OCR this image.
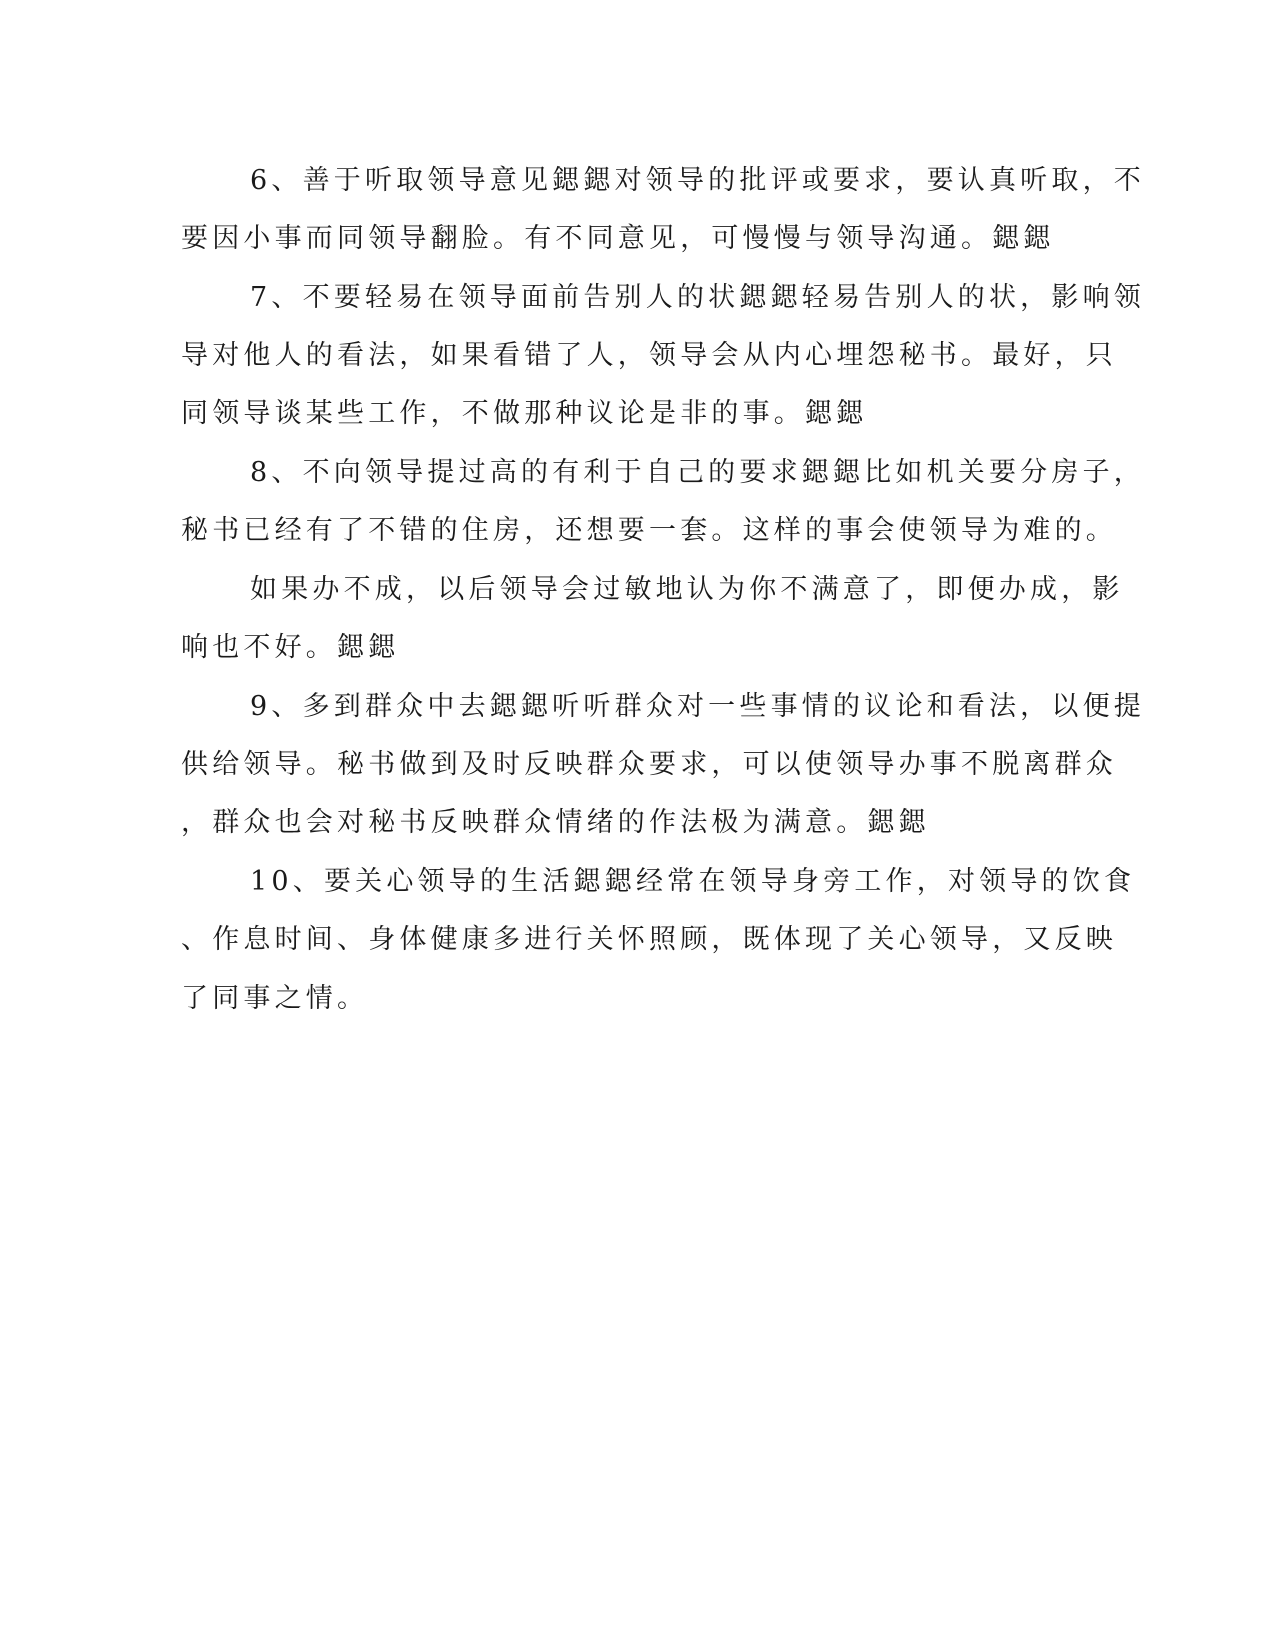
6、善于听取领导意见鍶鍶对领导的批评或要求，要认真听取，不
要因小事而同领导翻脸。有不同意见，可慢慢与领导沟通。鍶鍶
7、不要轻易在领导面前告别人的状鍶鍶轻易告别人的状，影响领
导对他人的看法，如果看错了人，领导会从内心埋怨秘书。最好，只
同领导谈某些工作，不做那种议论是非的事。鍶鍶
8、不向领导提过高的有利于自己的要求鍶鍶比如机关要分房子，
秘书已经有了不错的住房，还想要一套。这样的事会使领导为难的。
如果办不成，以后领导会过敏地认为你不满意了，即便办成，影
响也不好。鍶鍶
9、多到群众中去鍶鍶听听群众对一些事情的议论和看法，以便提
供给领导。秘书做到及时反映群众要求，可以使领导办事不脱离群众
，群众也会对秘书反映群众情绪的作法极为满意。鍶鍶
10、要关心领导的生活鍶鍶经常在领导身旁工作，对领导的饮食
、作息时间、身体健康多进行关怀照顾，既体现了关心领导，又反映
了同事之情。
